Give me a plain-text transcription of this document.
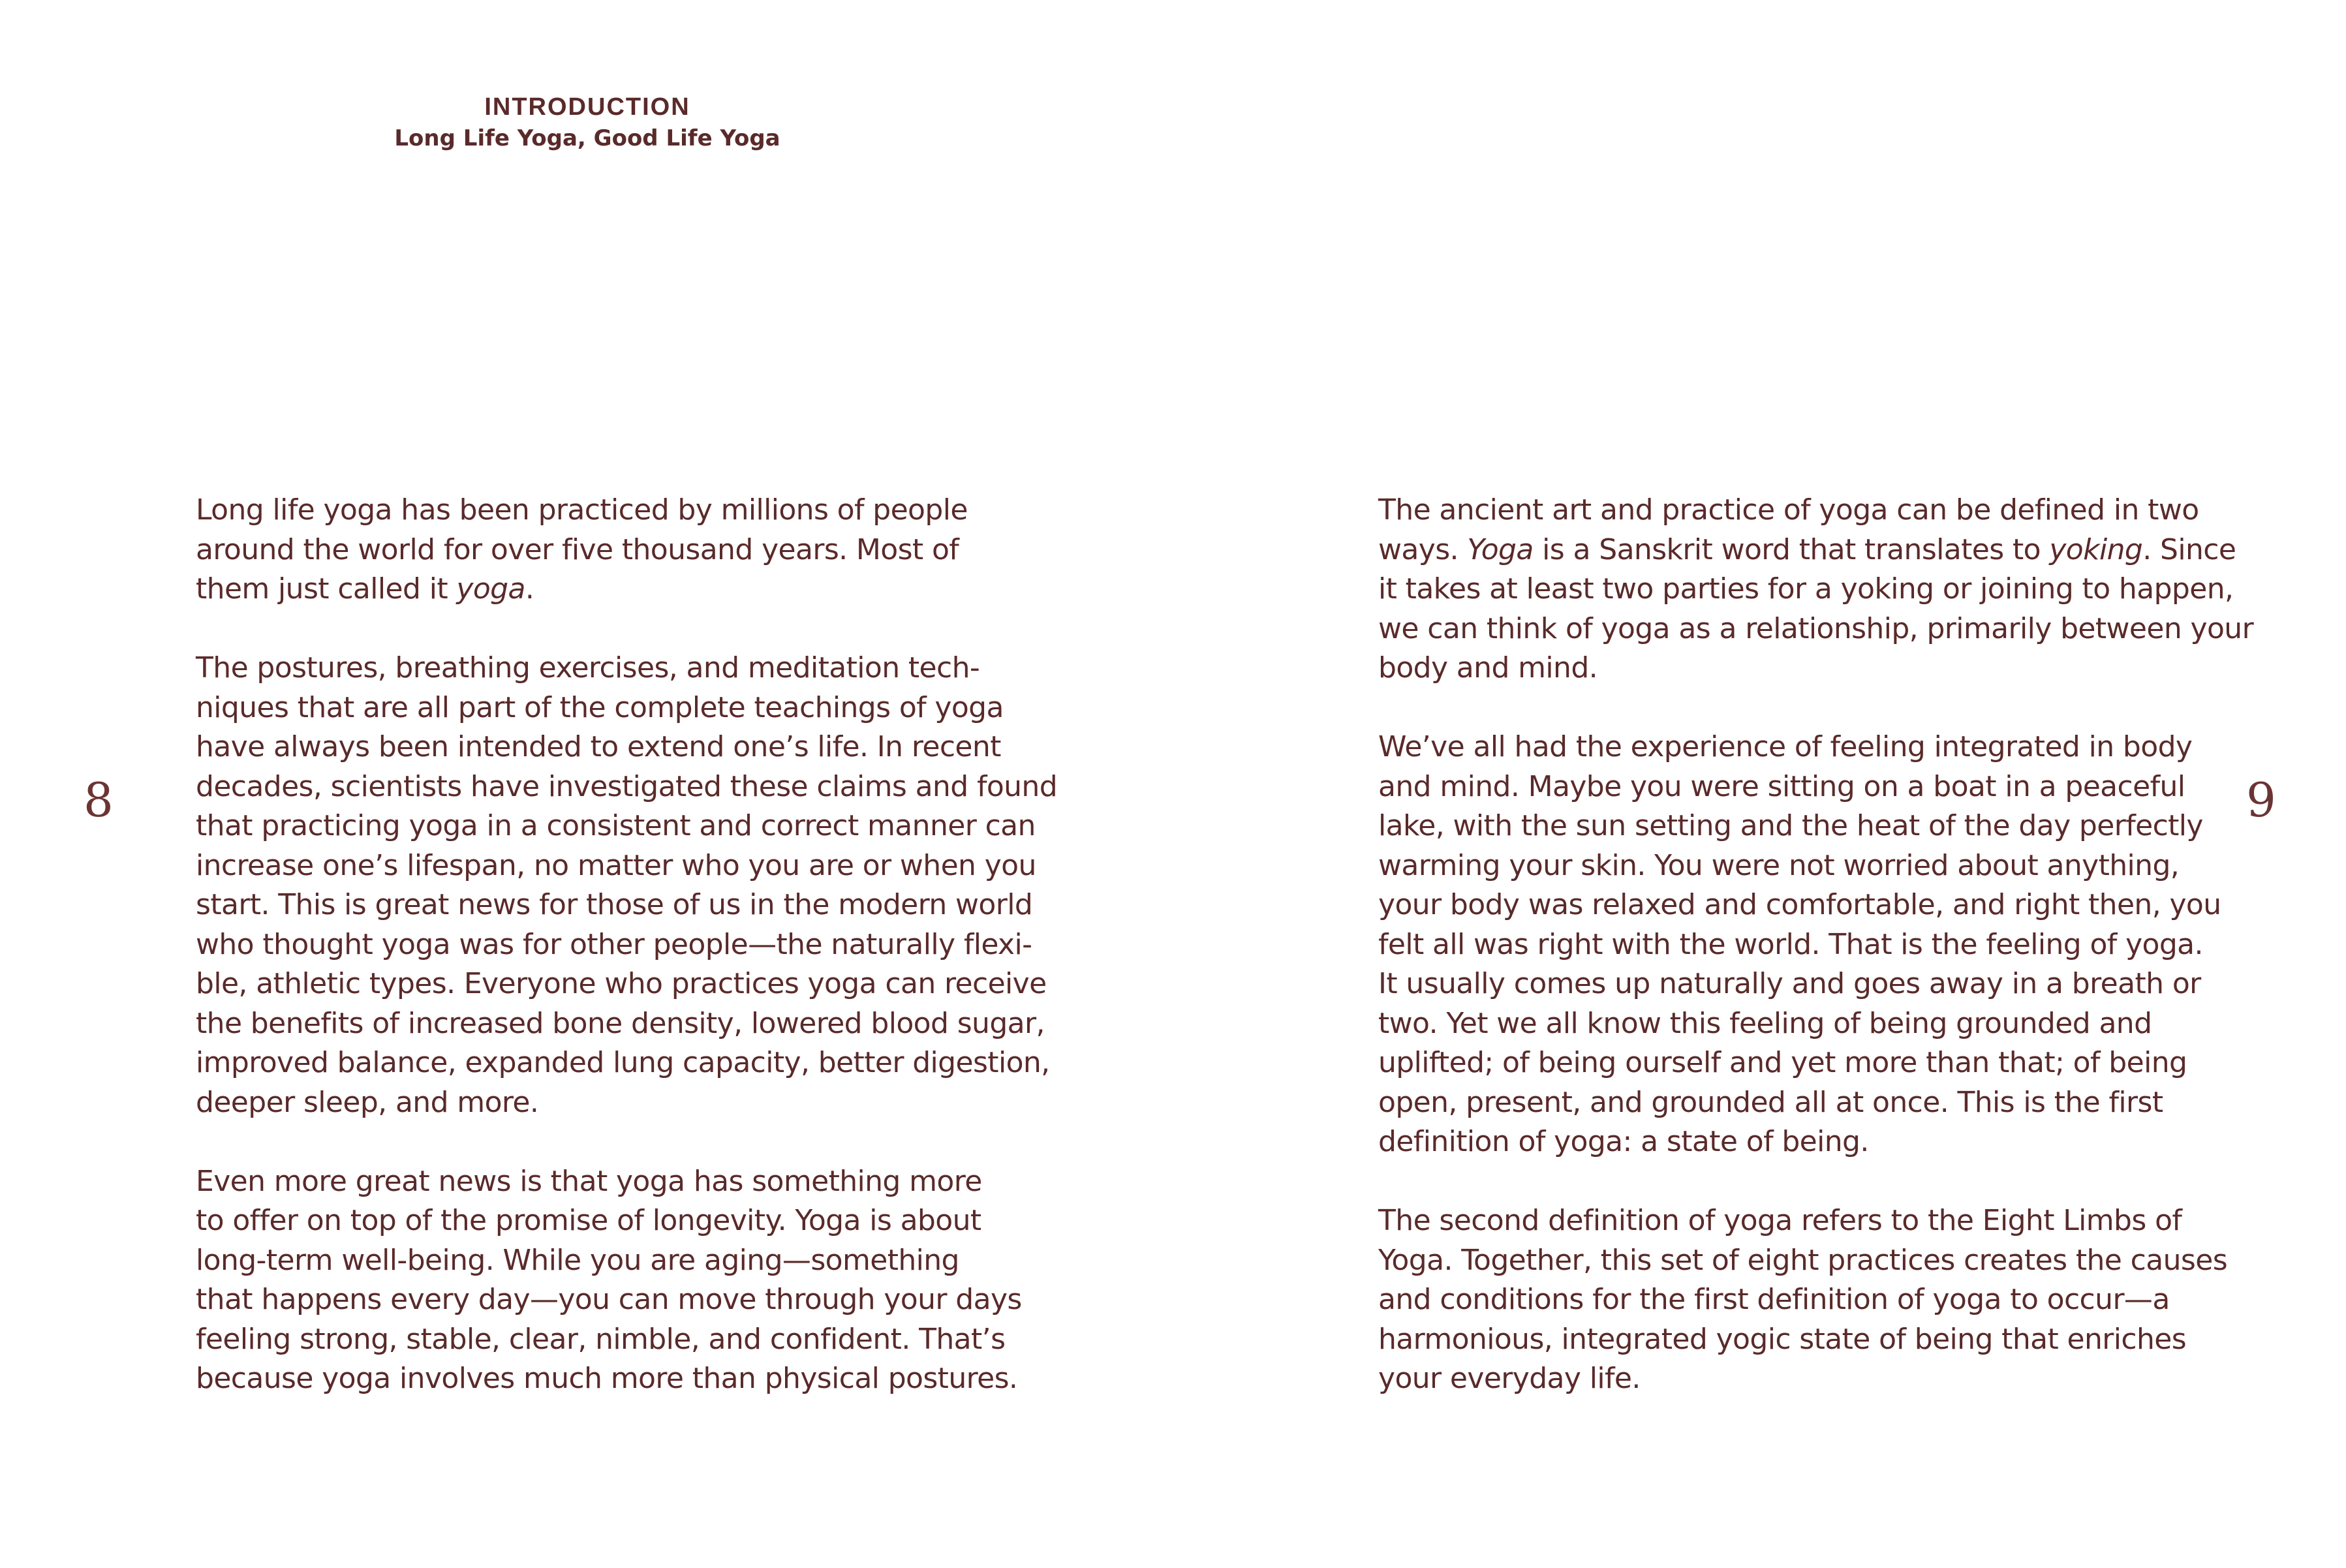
INTRODUCTION
Long Life Yoga, Good Life Yoga
8	9

Long life yoga has been practiced by millions of people
around the world for over five thousand years. Most of
them just called it yoga.

The postures, breathing exercises, and meditation tech-
niques that are all part of the complete teachings of yoga
have always been intended to extend one’s life. In recent
decades, scientists have investigated these claims and found
that practicing yoga in a consistent and correct manner can
increase one’s lifespan, no matter who you are or when you
start. This is great news for those of us in the modern world
who thought yoga was for other people—the naturally flexi-
ble, athletic types. Everyone who practices yoga can receive
the benefits of increased bone density, lowered blood sugar,
improved balance, expanded lung capacity, better digestion,
deeper sleep, and more.

Even more great news is that yoga has something more
to offer on top of the promise of longevity. Yoga is about
long-term well-being. While you are aging—something
that happens every day—you can move through your days
feeling strong, stable, clear, nimble, and confident. That’s
because yoga involves much more than physical postures.

The ancient art and practice of yoga can be defined in two
ways. Yoga is a Sanskrit word that translates to yoking. Since
it takes at least two parties for a yoking or joining to happen,
we can think of yoga as a relationship, primarily between your
body and mind.

We’ve all had the experience of feeling integrated in body
and mind. Maybe you were sitting on a boat in a peaceful
lake, with the sun setting and the heat of the day perfectly
warming your skin. You were not worried about anything,
your body was relaxed and comfortable, and right then, you
felt all was right with the world. That is the feeling of yoga.
It usually comes up naturally and goes away in a breath or
two. Yet we all know this feeling of being grounded and
uplifted; of being ourself and yet more than that; of being
open, present, and grounded all at once. This is the first
definition of yoga: a state of being.

The second definition of yoga refers to the Eight Limbs of
Yoga. Together, this set of eight practices creates the causes
and conditions for the first definition of yoga to occur—a
harmonious, integrated yogic state of being that enriches
your everyday life.
